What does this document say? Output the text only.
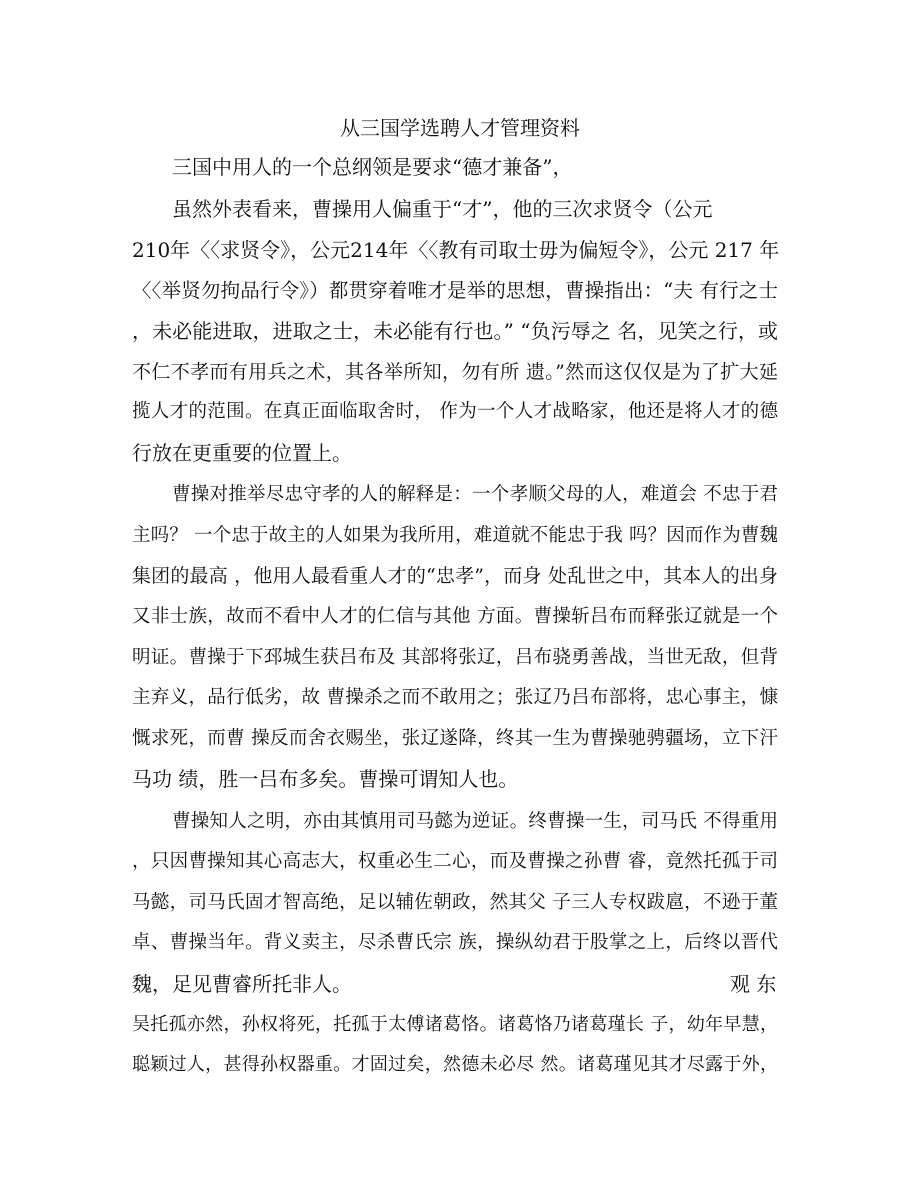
从三国学选聘人才管理资料
三国中用人的一个总纲领是要求“德才兼备”，
虽然外表看来，曹操用人偏重于“才”，他的三次求贤令（公元
210年〈〈求贤令》，公元214年〈〈教有司取士毋为偏短令》，公元 217 年
〈〈举贤勿拘品行令》）都贯穿着唯才是举的思想，曹操指出：“夫 有行之士
，未必能进取，进取之士，未必能有行也。” “负污辱之 名，见笑之行，或
不仁不孝而有用兵之术，其各举所知，勿有所 遗。”然而这仅仅是为了扩大延
揽人才的范围。在真正面临取舍时， 作为一个人才战略家，他还是将人才的德
行放在更重要的位置上。
曹操对推举尽忠守孝的人的解释是：一个孝顺父母的人，难道会 不忠于君
主吗？ 一个忠于故主的人如果为我所用，难道就不能忠于我 吗？因而作为曹魏
集团的最高 ，他用人最看重人才的“忠孝”，而身 处乱世之中，其本人的出身
又非士族，故而不看中人才的仁信与其他 方面。曹操斩吕布而释张辽就是一个
明证。曹操于下邳城生获吕布及 其部将张辽，吕布骁勇善战，当世无敌，但背
主弃义，品行低劣，故 曹操杀之而不敢用之；张辽乃吕布部将，忠心事主，慷
慨求死，而曹 操反而舍衣赐坐，张辽遂降，终其一生为曹操驰骋疆场，立下汗
马功 绩，胜一吕布多矣。曹操可谓知人也。
曹操知人之明，亦由其慎用司马懿为逆证。终曹操一生，司马氏 不得重用
，只因曹操知其心高志大，权重必生二心，而及曹操之孙曹 睿，竟然托孤于司
马懿，司马氏固才智高绝，足以辅佐朝政，然其父 子三人专权跋扈，不逊于董
卓、曹操当年。背义卖主，尽杀曹氏宗 族，操纵幼君于股掌之上，后终以晋代
魏，足见曹睿所托非人。	观 东
吴托孤亦然，孙权将死，托孤于太傅诸葛恪。诸葛恪乃诸葛瑾长 子，幼年早慧，
聪颖过人，甚得孙权器重。才固过矣，然德未必尽 然。诸葛瑾见其才尽露于外，
